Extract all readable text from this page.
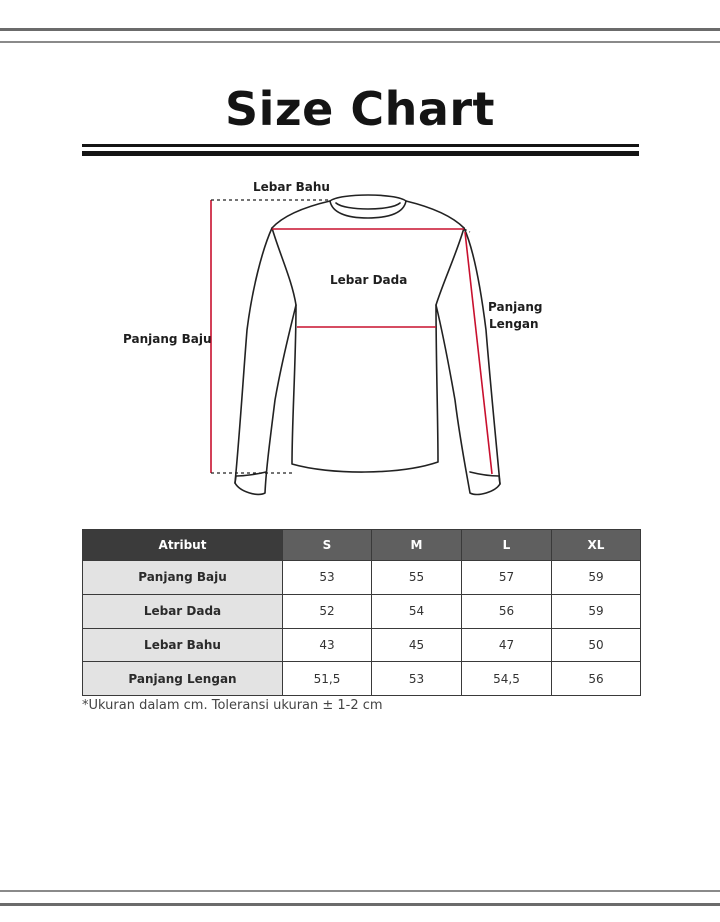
Size Chart
Lebar Bahu
Lebar Dada
Panjang Baju
Panjang
Lengan
Atribut	S	M	L	XL
Panjang Baju	53	55	57	59
Lebar Dada	52	54	56	59
Lebar Bahu	43	45	47	50
Panjang Lengan	51,5	53	54,5	56
*Ukuran dalam cm. Toleransi ukuran ± 1-2 cm
